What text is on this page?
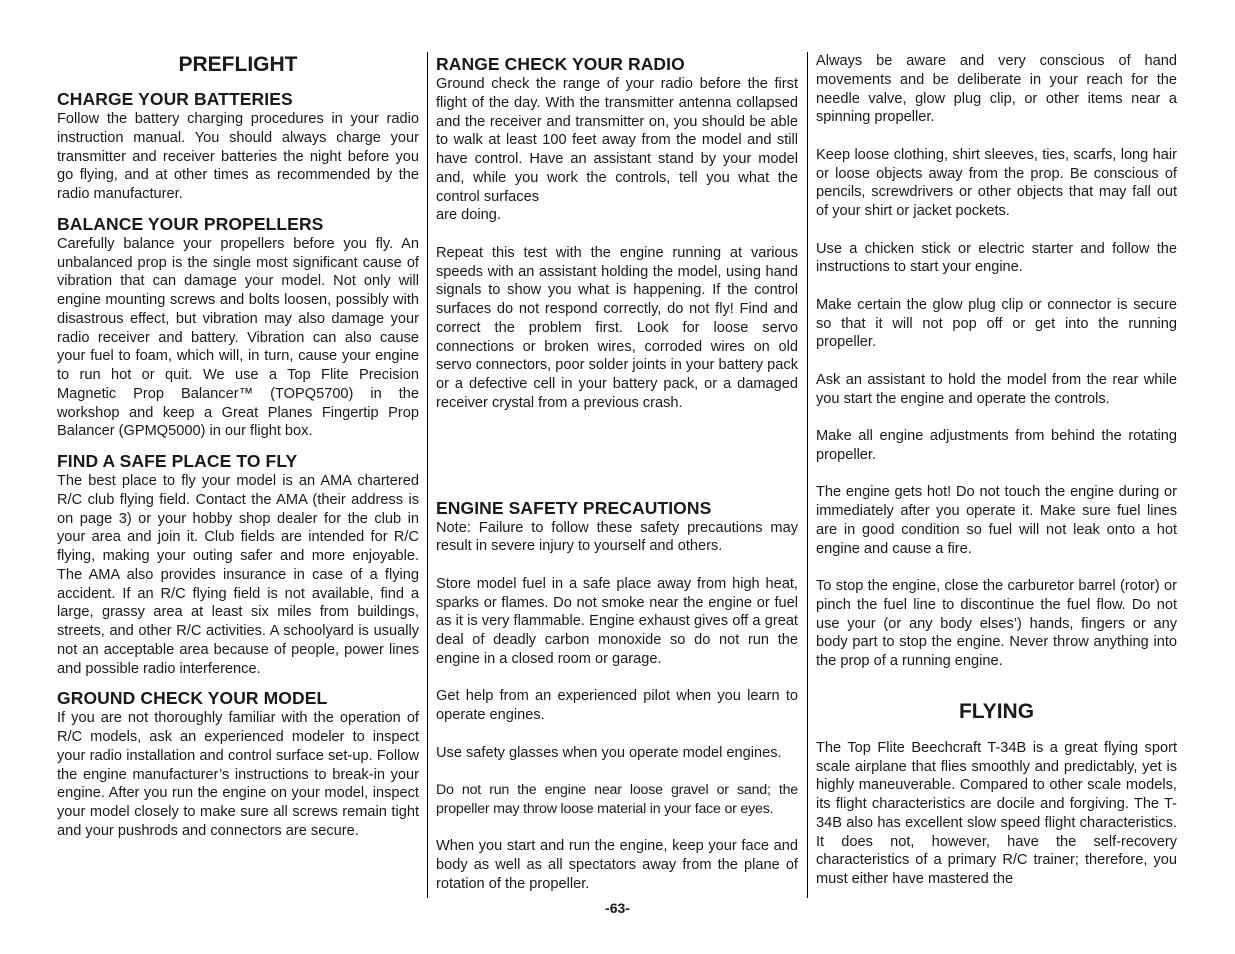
PREFLIGHT
CHARGE YOUR BATTERIES

Follow the battery charging procedures in your radio instruction manual. You should always charge your transmitter and receiver batteries the night before you go flying, and at other times as recommended by the radio manufacturer.

BALANCE YOUR PROPELLERS

Carefully balance your propellers before you fly. An unbalanced prop is the single most significant cause of vibration that can damage your model. Not only will engine mounting screws and bolts loosen, possibly with disastrous effect, but vibration may also damage your radio receiver and battery. Vibration can also cause your fuel to foam, which will, in turn, cause your engine to run hot or quit. We use a Top Flite Precision Magnetic Prop Balancer™ (TOPQ5700) in the workshop and keep a Great Planes Fingertip Prop Balancer (GPMQ5000) in our flight box.

FIND A SAFE PLACE TO FLY

The best place to fly your model is an AMA chartered R/C club flying field. Contact the AMA (their address is on page 3) or your hobby shop dealer for the club in your area and join it. Club fields are intended for R/C flying, making your outing safer and more enjoyable. The AMA also provides insurance in case of a flying accident. If an R/C flying field is not available, find a large, grassy area at least six miles from buildings, streets, and other R/C activities. A schoolyard is usually not an acceptable area because of people, power lines and possible radio interference.

GROUND CHECK YOUR MODEL

If you are not thoroughly familiar with the operation of R/C models, ask an experienced modeler to inspect your radio installation and control surface set-up. Follow the engine manufacturer’s instructions to break-in your engine. After you run the engine on your model, inspect your model closely to make sure all screws remain tight and your pushrods and connectors are secure.

RANGE CHECK YOUR RADIO

Ground check the range of your radio before the first flight of the day. With the transmitter antenna collapsed and the receiver and transmitter on, you should be able to walk at least 100 feet away from the model and still have control. Have an assistant stand by your model and, while you work the controls, tell you what the control surfaces

are doing.

Repeat this test with the engine running at various speeds with an assistant holding the model, using hand signals to show you what is happening. If the control surfaces do not respond correctly, do not fly! Find and correct the problem first. Look for loose servo connections or broken wires, corroded wires on old servo connectors, poor solder joints in your battery pack or a defective cell in your battery pack, or a damaged receiver crystal from a previous crash.

ENGINE SAFETY PRECAUTIONS

Note: Failure to follow these safety precautions may result in severe injury to yourself and others.

Store model fuel in a safe place away from high heat, sparks or flames. Do not smoke near the engine or fuel as it is very flammable. Engine exhaust gives off a great deal of deadly carbon monoxide so do not run the engine in a closed room or garage.

Get help from an experienced pilot when you learn to operate engines.

Use safety glasses when you operate model engines.

Do not run the engine near loose gravel or sand; the propeller may throw loose material in your face or eyes.

When you start and run the engine, keep your face and body as well as all spectators away from the plane of rotation of the propeller.

Always be aware and very conscious of hand movements and be deliberate in your reach for the needle valve, glow plug clip, or other items near a spinning propeller.

Keep loose clothing, shirt sleeves, ties, scarfs, long hair or loose objects away from the prop. Be conscious of pencils, screwdrivers or other objects that may fall out of your shirt or jacket pockets.

Use a chicken stick or electric starter and follow the instructions to start your engine.

Make certain the glow plug clip or connector is secure so that it will not pop off or get into the running propeller.

Ask an assistant to hold the model from the rear while you start the engine and operate the controls.

Make all engine adjustments from behind the rotating propeller.

The engine gets hot! Do not touch the engine during or immediately after you operate it. Make sure fuel lines are in good condition so fuel will not leak onto a hot engine and cause a fire.

To stop the engine, close the carburetor barrel (rotor) or pinch the fuel line to discontinue the fuel flow. Do not use your (or any body elses’) hands, fingers or any body part to stop the engine. Never throw anything into the prop of a running engine.

FLYING

The Top Flite Beechcraft T-34B is a great flying sport scale airplane that flies smoothly and predictably, yet is highly maneuverable. Compared to other scale models, its flight characteristics are docile and forgiving. The T-34B also has excellent slow speed flight characteristics. It does not, however, have the self-recovery characteristics of a primary R/C trainer; therefore, you must either have mastered the

-63-
